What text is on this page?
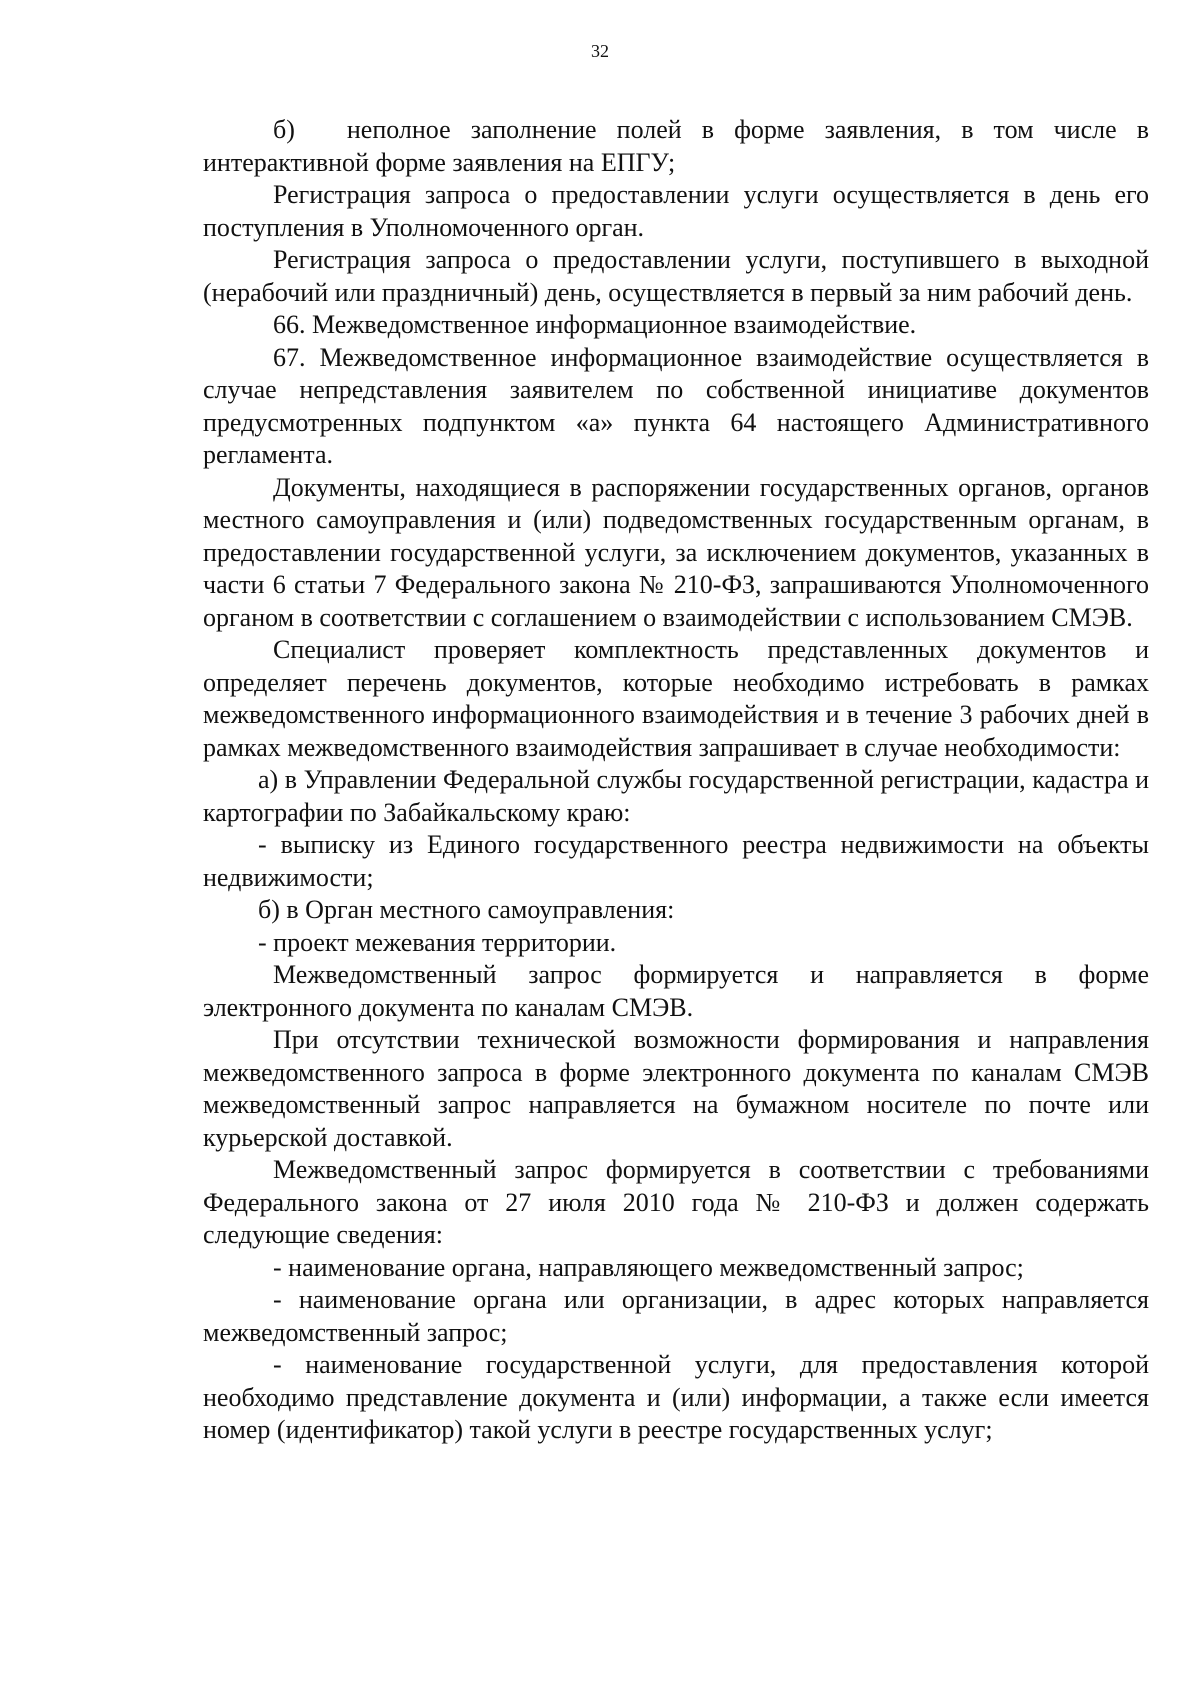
32

б)  неполное заполнение полей в форме заявления, в том числе в интерактивной форме заявления на ЕПГУ;

Регистрация запроса о предоставлении услуги осуществляется в день его поступления в Уполномоченного орган.

Регистрация запроса о предоставлении услуги, поступившего в выходной (нерабочий или праздничный) день, осуществляется в первый за ним рабочий день.

66. Межведомственное информационное взаимодействие.

67. Межведомственное информационное взаимодействие осуществляется в случае непредставления заявителем по собственной инициативе документов предусмотренных подпунктом «а» пункта 64 настоящего Административного регламента.

Документы, находящиеся в распоряжении государственных органов, органов местного самоуправления и (или) подведомственных государственным органам, в предоставлении государственной услуги, за исключением документов, указанных в части 6 статьи 7 Федерального закона № 210-ФЗ, запрашиваются Уполномоченного органом в соответствии с соглашением о взаимодействии с использованием СМЭВ.

Специалист проверяет комплектность представленных документов и определяет перечень документов, которые необходимо истребовать в рамках межведомственного информационного взаимодействия и в течение 3 рабочих дней в рамках межведомственного взаимодействия запрашивает в случае необходимости:

а) в Управлении Федеральной службы государственной регистрации, кадастра и картографии по Забайкальскому краю:

- выписку из Единого государственного реестра недвижимости на объекты недвижимости;

б) в Орган местного самоуправления:

- проект межевания территории.

Межведомственный запрос формируется и направляется в форме электронного документа по каналам СМЭВ.

При отсутствии технической возможности формирования и направления межведомственного запроса в форме электронного документа по каналам СМЭВ межведомственный запрос направляется на бумажном носителе по почте или курьерской доставкой.

Межведомственный запрос формируется в соответствии с требованиями Федерального закона от 27 июля 2010 года № 210-ФЗ и должен содержать следующие сведения:

- наименование органа, направляющего межведомственный запрос;

- наименование органа или организации, в адрес которых направляется межведомственный запрос;

- наименование государственной услуги, для предоставления которой необходимо представление документа и (или) информации, а также если имеется номер (идентификатор) такой услуги в реестре государственных услуг;
